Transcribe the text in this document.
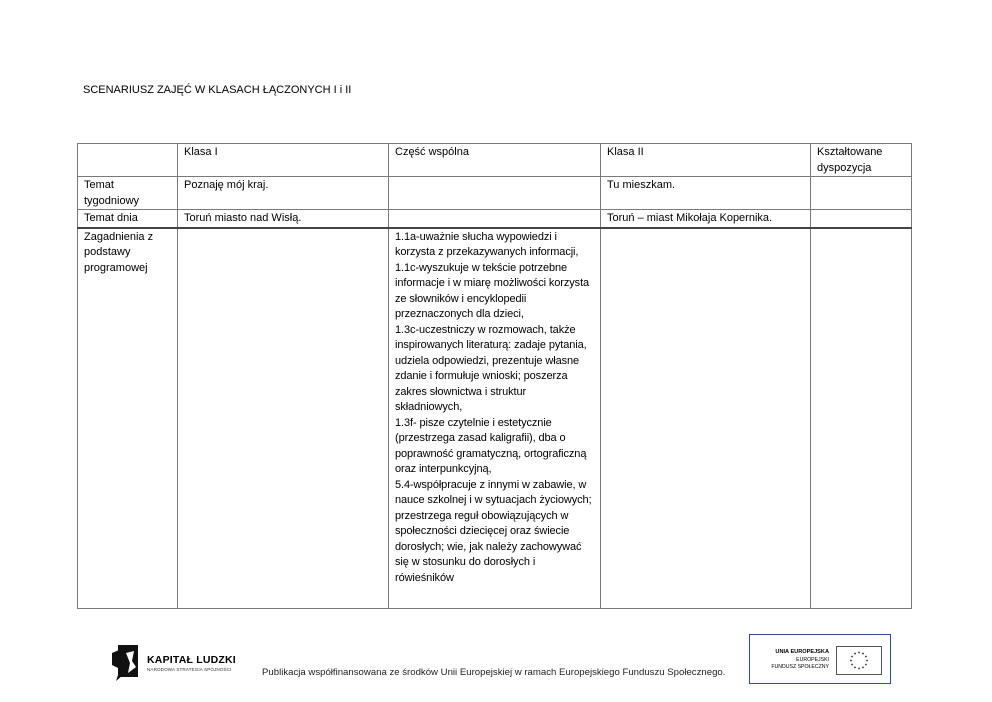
SCENARIUSZ ZAJĘĆ W KLASACH ŁĄCZONYCH I i II
	Klasa I	Część wspólna	Klasa II	Kształtowane dyspozycja
Temat tygodniowy	Poznaję mój kraj.		Tu mieszkam.	
Temat dnia	Toruń miasto nad Wisłą.		Toruń – miast Mikołaja Kopernika.	
Zagadnienia z podstawy programowej		1.1a-uważnie słucha wypowiedzi i korzysta z przekazywanych informacji,
1.1c-wyszukuje w tekście potrzebne informacje i w miarę możliwości korzysta ze słowników i encyklopedii przeznaczonych dla dzieci,
1.3c-uczestniczy w rozmowach, także inspirowanych literaturą: zadaje pytania, udziela odpowiedzi, prezentuje własne zdanie i formułuje wnioski; poszerza zakres słownictwa i struktur składniowych,
1.3f- pisze czytelnie i estetycznie (przestrzega zasad kaligrafii), dba o poprawność gramatyczną, ortograficzną oraz interpunkcyjną,
5.4-współpracuje z innymi w zabawie, w nauce szkolnej i w sytuacjach życiowych; przestrzega reguł obowiązujących w społeczności dziecięcej oraz świecie dorosłych; wie, jak należy zachowywać się w stosunku do dorosłych i rówieśników		
KAPITAŁ LUDZKI
NARODOWA STRATEGIA SPÓJNOŚCI	Publikacja współfinansowana ze środków Unii Europejskiej w ramach Europejskiego Funduszu Społecznego.
UNIA EUROPEJSKA
EUROPEJSKI
FUNDUSZ SPOŁECZNY
